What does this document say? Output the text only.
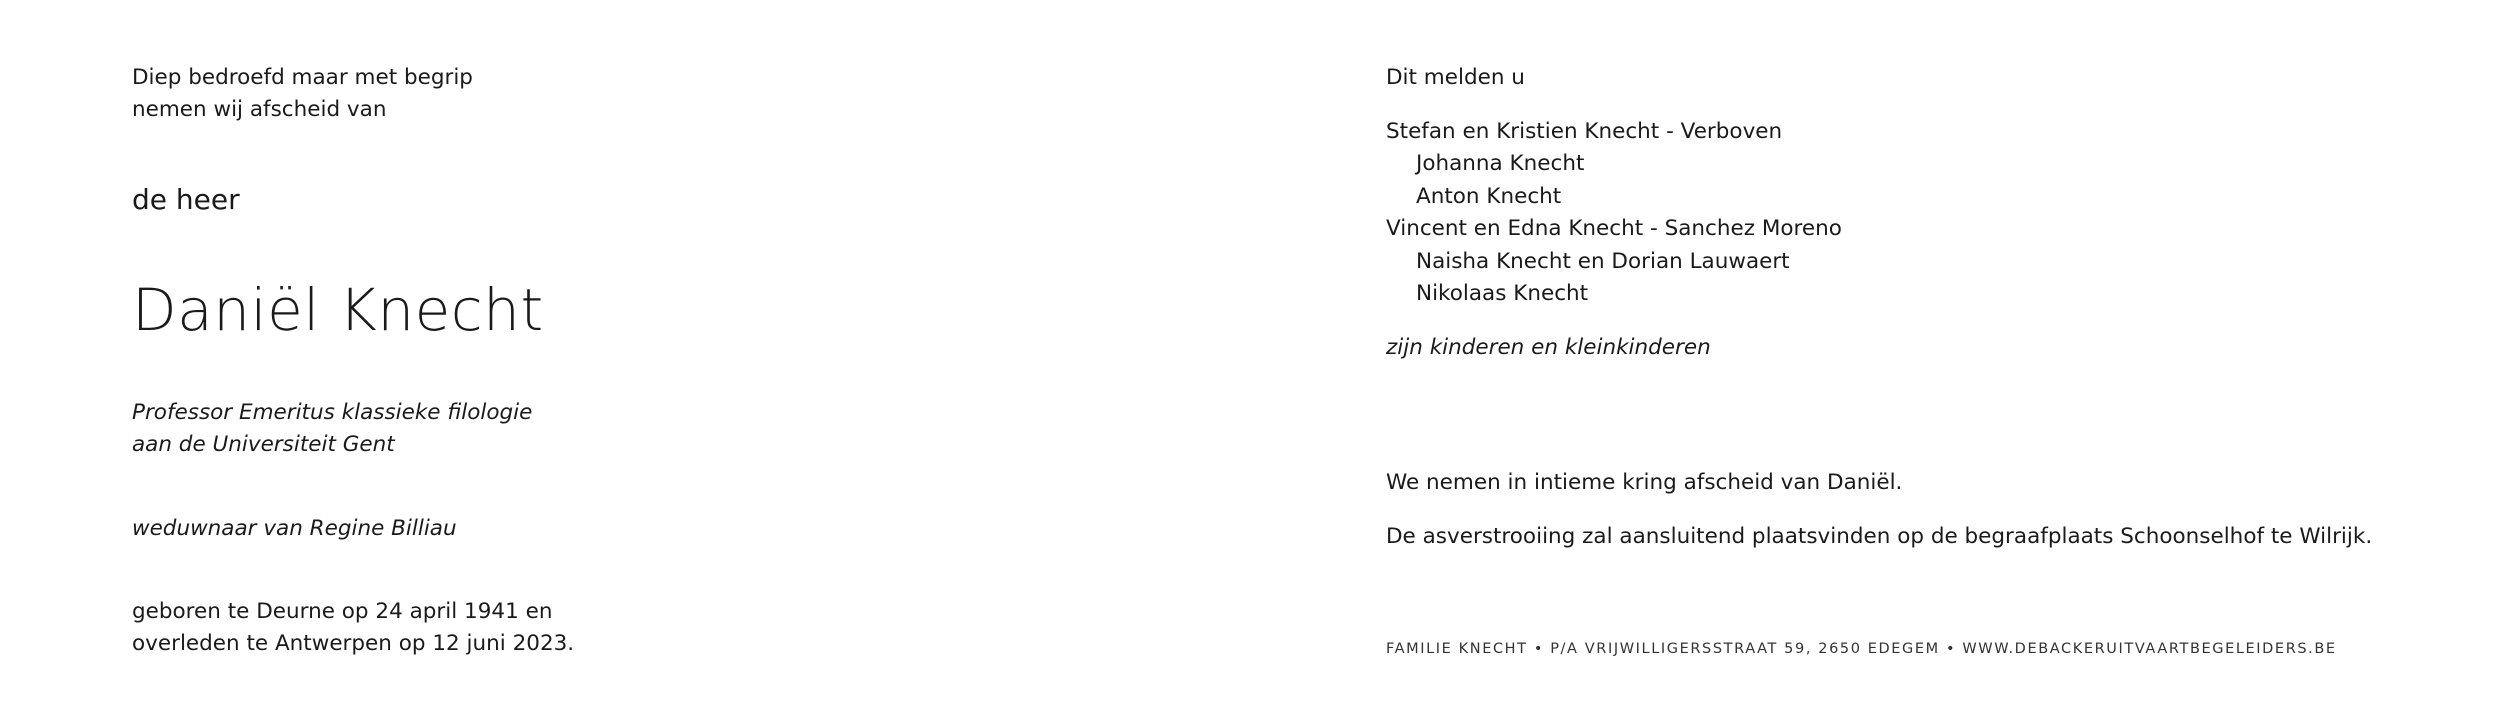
Diep bedroefd maar met begrip
nemen wij afscheid van
de heer
Daniël Knecht
Professor Emeritus klassieke filologie
aan de Universiteit Gent
weduwnaar van Regine Billiau
geboren te Deurne op 24 april 1941 en
overleden te Antwerpen op 12 juni 2023.
Dit melden u
Stefan en Kristien Knecht - Verboven
Johanna Knecht
Anton Knecht
Vincent en Edna Knecht - Sanchez Moreno
Naisha Knecht en Dorian Lauwaert
Nikolaas Knecht
zijn kinderen en kleinkinderen
We nemen in intieme kring afscheid van Daniël.
De asverstrooiing zal aansluitend plaatsvinden op de begraafplaats Schoonselhof te Wilrijk.
FAMILIE KNECHT • P/A VRIJWILLIGERSSTRAAT 59, 2650 EDEGEM • WWW.DEBACKERUITVAARTBEGELEIDERS.BE
